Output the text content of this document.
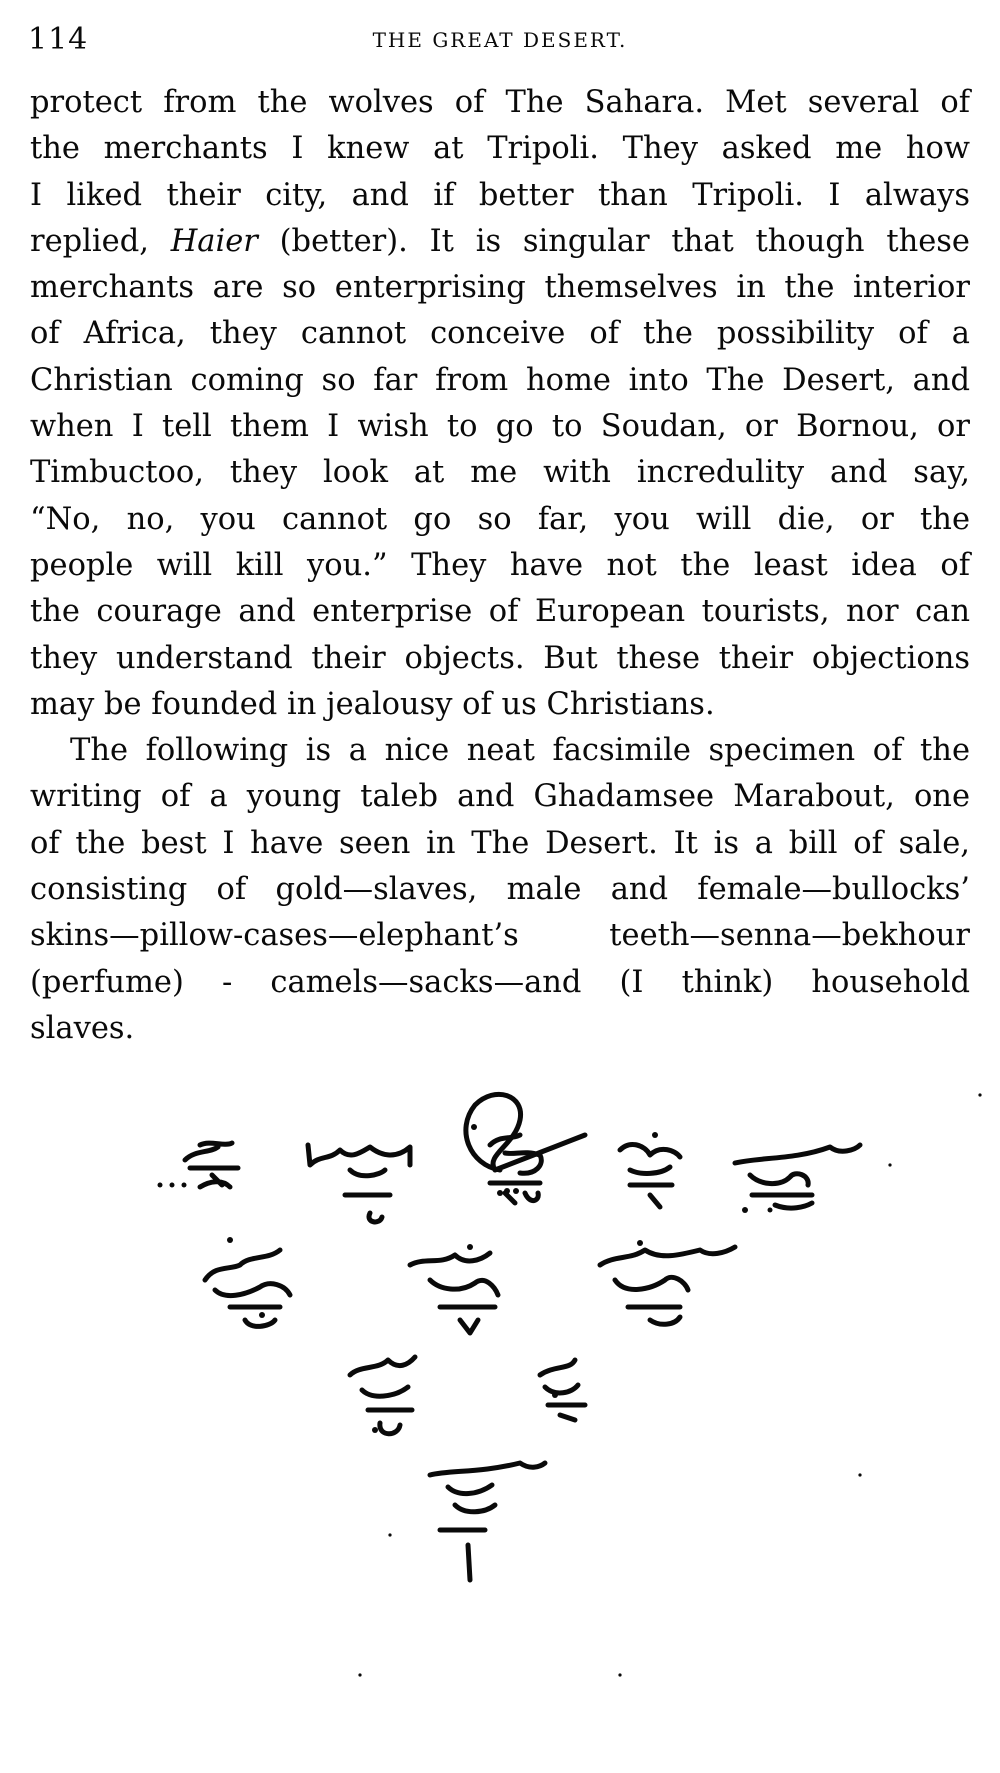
114	THE GREAT DESERT.

protect from the wolves of The Sahara. Met several of
the merchants I knew at Tripoli. They asked me how
I liked their city, and if better than Tripoli. I always
replied, Haier (better). It is singular that though these
merchants are so enterprising themselves in the interior
of Africa, they cannot conceive of the possibility of a
Christian coming so far from home into The Desert, and
when I tell them I wish to go to Soudan, or Bornou, or
Timbuctoo, they look at me with incredulity and say,
“No, no, you cannot go so far, you will die, or the
people will kill you.” They have not the least idea of
the courage and enterprise of European tourists, nor can
they understand their objects. But these their objections
may be founded in jealousy of us Christians.

The following is a nice neat facsimile specimen of the
writing of a young taleb and Ghadamsee Marabout, one
of the best I have seen in The Desert. It is a bill of sale,
consisting of gold—slaves, male and female—bullocks’
skins—pillow-cases—elephant’s teeth—senna—bekhour
(perfume) - camels—sacks—and (I think) household
slaves.
